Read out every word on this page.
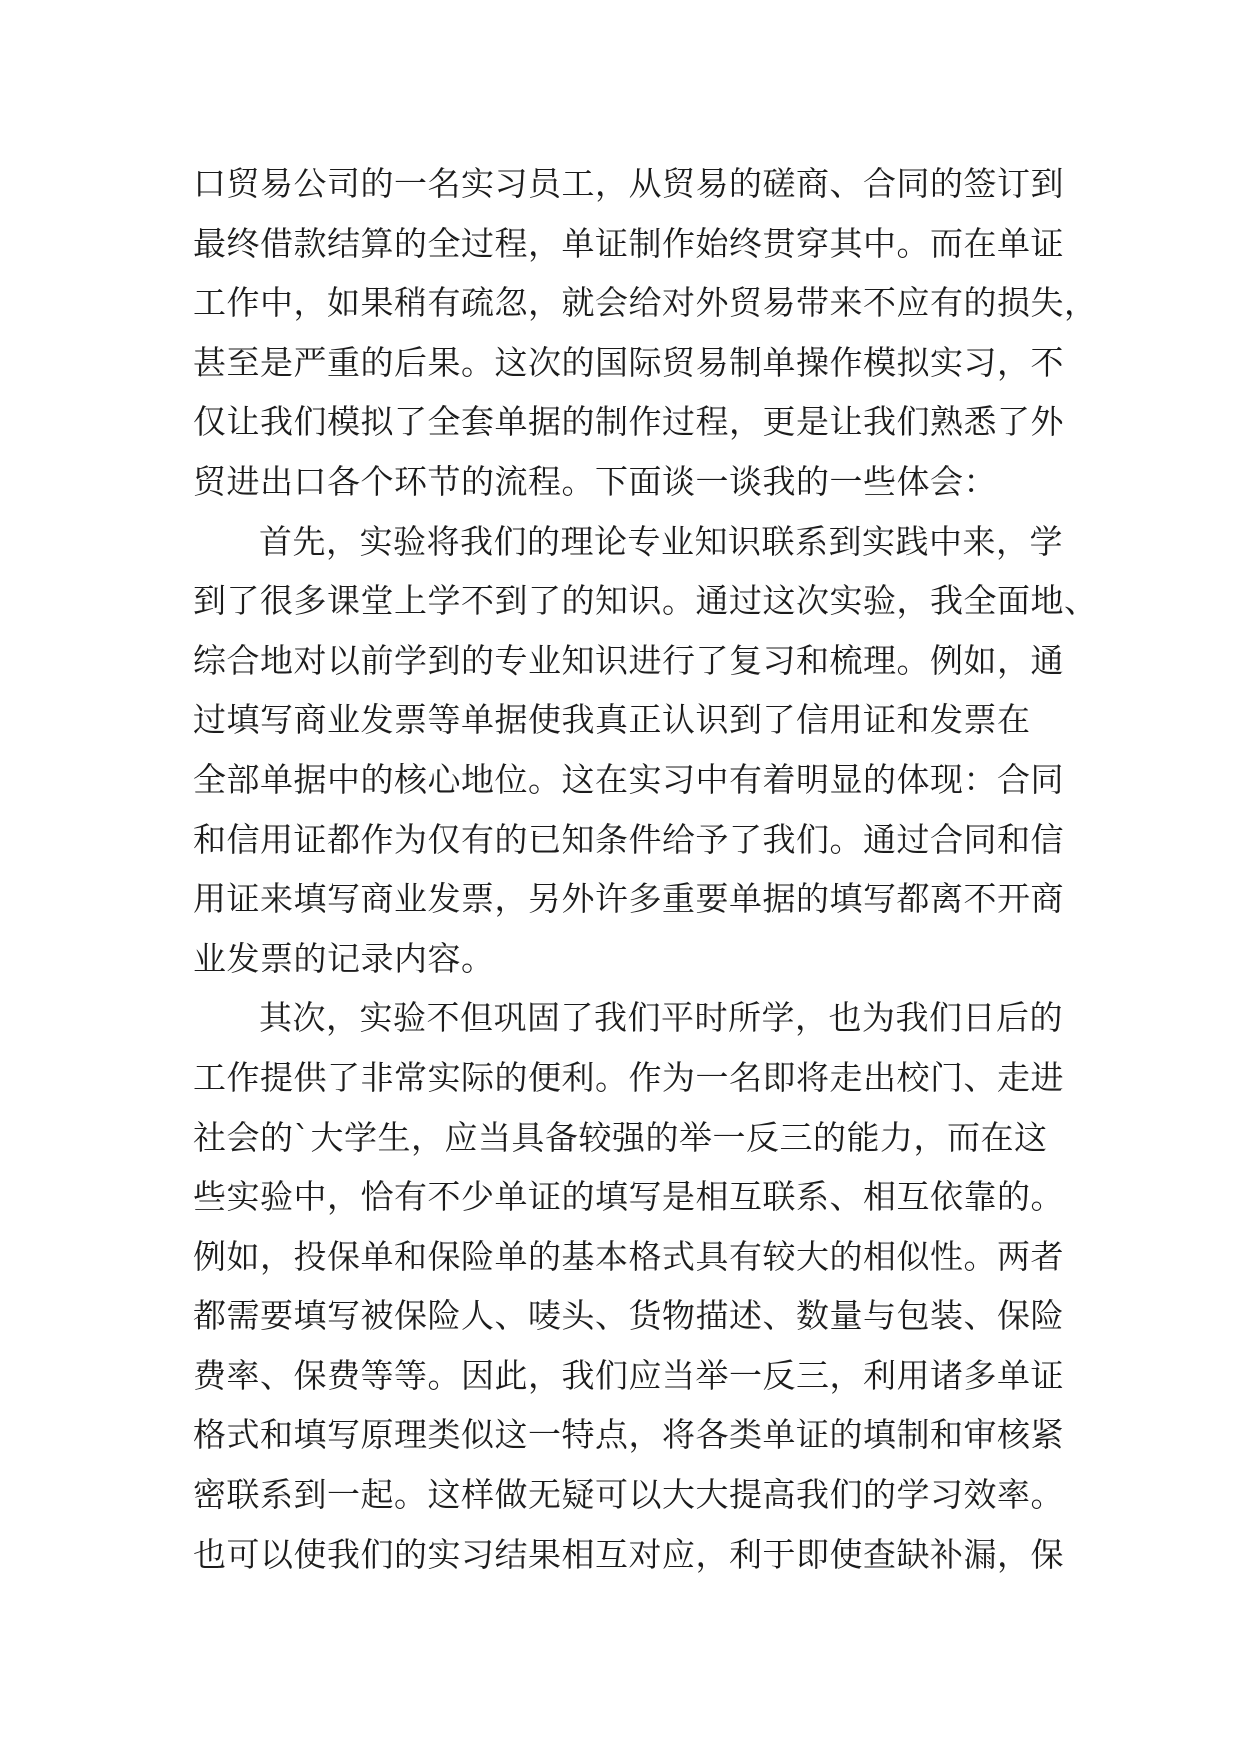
口贸易公司的一名实习员工，从贸易的磋商、合同的签订到
最终借款结算的全过程，单证制作始终贯穿其中。而在单证
工作中，如果稍有疏忽，就会给对外贸易带来不应有的损失，
甚至是严重的后果。这次的国际贸易制单操作模拟实习，不
仅让我们模拟了全套单据的制作过程，更是让我们熟悉了外
贸进出口各个环节的流程。下面谈一谈我的一些体会：
首先，实验将我们的理论专业知识联系到实践中来，学
到了很多课堂上学不到了的知识。通过这次实验，我全面地、
综合地对以前学到的专业知识进行了复习和梳理。例如，通
过填写商业发票等单据使我真正认识到了信用证和发票在
全部单据中的核心地位。这在实习中有着明显的体现：合同
和信用证都作为仅有的已知条件给予了我们。通过合同和信
用证来填写商业发票，另外许多重要单据的填写都离不开商
业发票的记录内容。
其次，实验不但巩固了我们平时所学，也为我们日后的
工作提供了非常实际的便利。作为一名即将走出校门、走进
社会的`大学生，应当具备较强的举一反三的能力，而在这
些实验中，恰有不少单证的填写是相互联系、相互依靠的。
例如，投保单和保险单的基本格式具有较大的相似性。两者
都需要填写被保险人、唛头、货物描述、数量与包装、保险
费率、保费等等。因此，我们应当举一反三，利用诸多单证
格式和填写原理类似这一特点，将各类单证的填制和审核紧
密联系到一起。这样做无疑可以大大提高我们的学习效率。
也可以使我们的实习结果相互对应，利于即使查缺补漏，保
